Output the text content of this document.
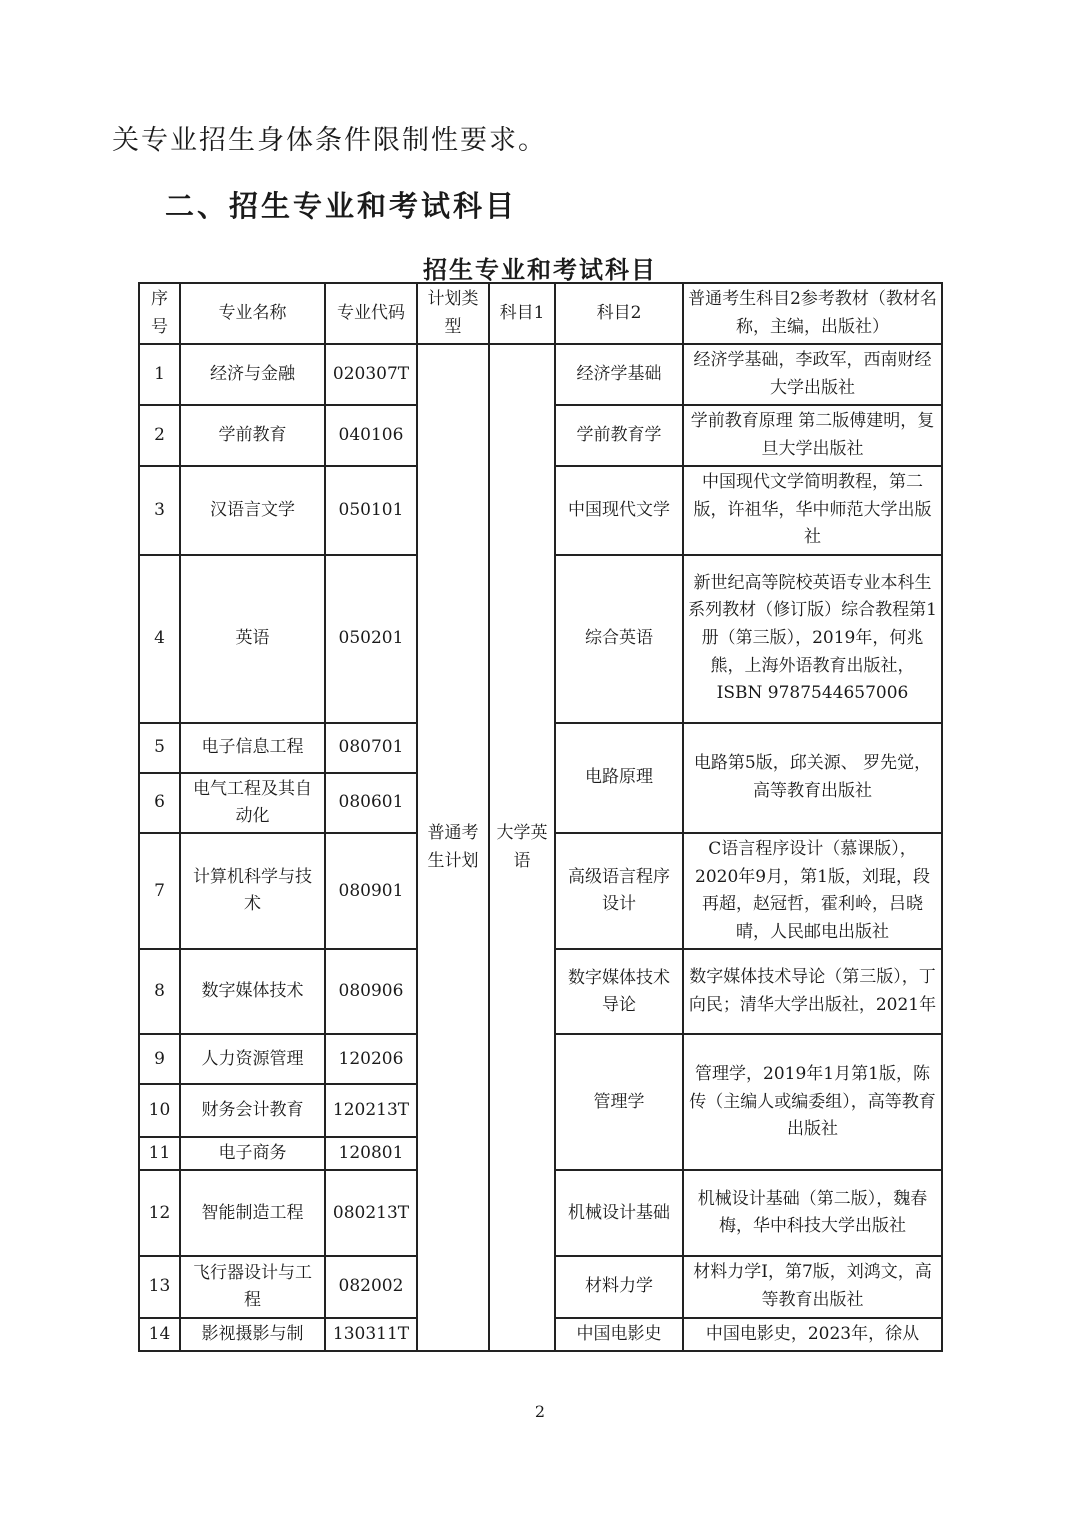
关专业招生身体条件限制性要求。
二、招生专业和考试科目
招生专业和考试科目
序号	专业名称	专业代码	计划类型	科目1	科目2	普通考生科目2参考教材（教材名称，主编，出版社）
1	经济与金融	020307T	普通考生计划	大学英语	经济学基础	经济学基础，李政军，西南财经大学出版社
2	学前教育	040106			学前教育学	学前教育原理 第二版傅建明，复旦大学出版社
3	汉语言文学	050101			中国现代文学	中国现代文学简明教程，第二版，许祖华，华中师范大学出版社
4	英语	050201			综合英语	新世纪高等院校英语专业本科生系列教材（修订版）综合教程第1册（第三版），2019年，何兆熊，上海外语教育出版社，ISBN 9787544657006
5	电子信息工程	080701			电路原理	电路第5版，邱关源、 罗先觉，高等教育出版社
6	电气工程及其自动化	080601				
7	计算机科学与技术	080901			高级语言程序设计	C语言程序设计（慕课版），2020年9月，第1版，刘琨，段再超，赵冠哲，霍利岭，吕晓晴，人民邮电出版社
8	数字媒体技术	080906			数字媒体技术导论	数字媒体技术导论（第三版），丁向民；清华大学出版社，2021年
9	人力资源管理	120206			管理学	管理学，2019年1月第1版，陈传（主编人或编委组），高等教育出版社
10	财务会计教育	120213T				
11	电子商务	120801				
12	智能制造工程	080213T			机械设计基础	机械设计基础（第二版），魏春梅，华中科技大学出版社
13	飞行器设计与工程	082002			材料力学	材料力学Ⅰ，第7版，刘鸿文，高等教育出版社
14	影视摄影与制	130311T			中国电影史	中国电影史，2023年，徐从
2
